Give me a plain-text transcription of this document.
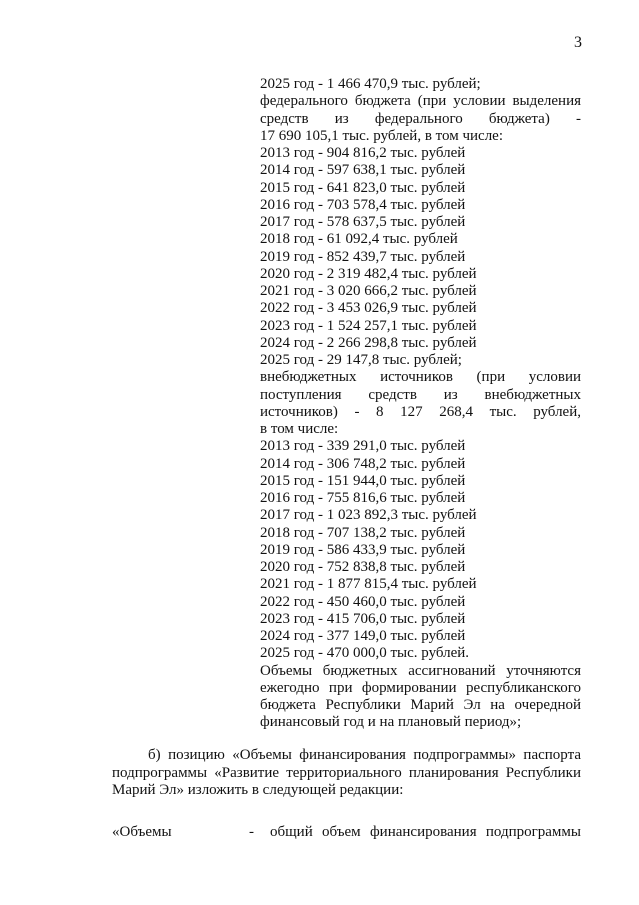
3
2025 год - 1 466 470,9 тыс. рублей;
федерального бюджета (при условии выделения
средств из федерального бюджета) -
17 690 105,1 тыс. рублей, в том числе:
2013 год - 904 816,2 тыс. рублей
2014 год - 597 638,1 тыс. рублей
2015 год - 641 823,0 тыс. рублей
2016 год - 703 578,4 тыс. рублей
2017 год - 578 637,5 тыс. рублей
2018 год - 61 092,4 тыс. рублей
2019 год - 852 439,7 тыс. рублей
2020 год - 2 319 482,4 тыс. рублей
2021 год - 3 020 666,2 тыс. рублей
2022 год - 3 453 026,9 тыс. рублей
2023 год - 1 524 257,1 тыс. рублей
2024 год - 2 266 298,8 тыс. рублей
2025 год - 29 147,8 тыс. рублей;
внебюджетных источников (при условии
поступления средств из внебюджетных
источников) - 8 127 268,4 тыс. рублей,
в том числе:
2013 год - 339 291,0 тыс. рублей
2014 год - 306 748,2 тыс. рублей
2015 год - 151 944,0 тыс. рублей
2016 год - 755 816,6 тыс. рублей
2017 год - 1 023 892,3 тыс. рублей
2018 год - 707 138,2 тыс. рублей
2019 год - 586 433,9 тыс. рублей
2020 год - 752 838,8 тыс. рублей
2021 год - 1 877 815,4 тыс. рублей
2022 год - 450 460,0 тыс. рублей
2023 год - 415 706,0 тыс. рублей
2024 год - 377 149,0 тыс. рублей
2025 год - 470 000,0 тыс. рублей.
Объемы бюджетных ассигнований уточняются
ежегодно при формировании республиканского
бюджета Республики Марий Эл на очередной
финансовый год и на плановый период»;
б) позицию «Объемы финансирования подпрограммы» паспорта
подпрограммы «Развитие территориального планирования Республики
Марий Эл» изложить в следующей редакции:
«Объемы	- общий объем финансирования подпрограммы
